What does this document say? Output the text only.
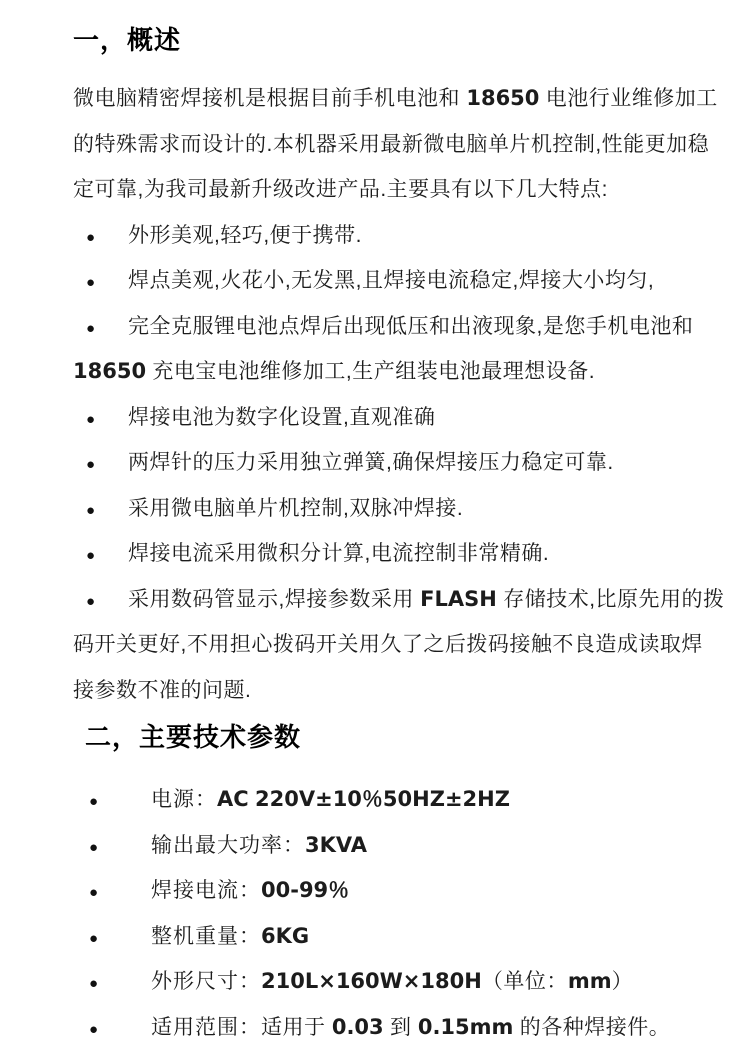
一，概述
微电脑精密焊接机是根据目前手机电池和 18650 电池行业维修加工
的特殊需求而设计的.本机器采用最新微电脑单片机控制,性能更加稳
定可靠,为我司最新升级改进产品.主要具有以下几大特点:
● 外形美观,轻巧,便于携带.
● 焊点美观,火花小,无发黑,且焊接电流稳定,焊接大小均匀,
● 完全克服锂电池点焊后出现低压和出液现象,是您手机电池和
18650 充电宝电池维修加工,生产组装电池最理想设备.
● 焊接电池为数字化设置,直观准确
● 两焊针的压力采用独立弹簧,确保焊接压力稳定可靠.
● 采用微电脑单片机控制,双脉冲焊接.
● 焊接电流采用微积分计算,电流控制非常精确.
● 采用数码管显示,焊接参数采用 FLASH 存储技术,比原先用的拨
码开关更好,不用担心拨码开关用久了之后拨码接触不良造成读取焊
接参数不准的问题.
二，主要技术参数
● 电源：AC 220V±10％50HZ±2HZ
● 输出最大功率：3KVA
● 焊接电流：00-99％
● 整机重量：6KG
● 外形尺寸：210L×160W×180H（单位：mm）
● 适用范围：适用于 0.03 到 0.15mm 的各种焊接件。
